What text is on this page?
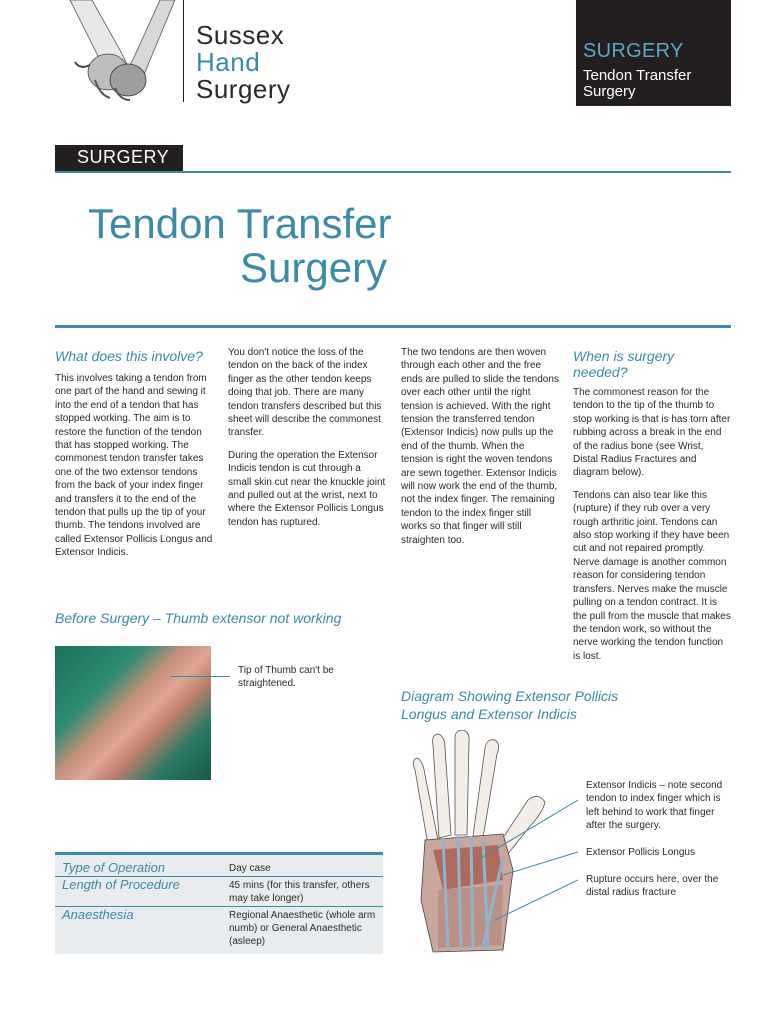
Sussex
Hand
Surgery
SURGERY
Tendon Transfer
Surgery
SURGERY
Tendon Transfer
Surgery
What does this involve?

This involves taking a tendon from one part of the hand and sewing it into the end of a tendon that has stopped working. The aim is to restore the function of the tendon that has stopped working. The commonest tendon transfer takes one of the two extensor tendons from the back of your index finger and transfers it to the end of the tendon that pulls up the tip of your thumb. The tendons involved are called Extensor Pollicis Longus and Extensor Indicis.

You don't notice the loss of the tendon on the back of the index finger as the other tendon keeps doing that job. There are many tendon transfers described but this sheet will describe the commonest transfer.

During the operation the Extensor Indicis tendon is cut through a small skin cut near the knuckle joint and pulled out at the wrist, next to where the Extensor Pollicis Longus tendon has ruptured.

The two tendons are then woven through each other and the free ends are pulled to slide the tendons over each other until the right tension is achieved. With the right tension the transferred tendon (Extensor Indicis) now pulls up the end of the thumb. When the tension is right the woven tendons are sewn together. Extensor Indicis will now work the end of the thumb, not the index finger. The remaining tendon to the index finger still works so that finger will still straighten too.

When is surgery needed?

The commonest reason for the tendon to the tip of the thumb to stop working is that is has torn after rubbing across a break in the end of the radius bone (see Wrist, Distal Radius Fractures and diagram below).

Tendons can also tear like this (rupture) if they rub over a very rough arthritic joint. Tendons can also stop working if they have been cut and not repaired promptly. Nerve damage is another common reason for considering tendon transfers. Nerves make the muscle pulling on a tendon contract. It is the pull from the muscle that makes the tendon work, so without the nerve working the tendon function is lost.

Before Surgery – Thumb extensor not working
Tip of Thumb can't be straightened.
Diagram Showing Extensor Pollicis
Longus and Extensor Indicis
Extensor Indicis – note second tendon to index finger which is left behind to work that finger after the surgery.
Extensor Pollicis Longus
Rupture occurs here, over the distal radius fracture
Type of Operation	Day case
Length of Procedure	45 mins (for this transfer, others may take longer)
Anaesthesia	Regional Anaesthetic (whole arm numb) or General Anaesthetic (asleep)
